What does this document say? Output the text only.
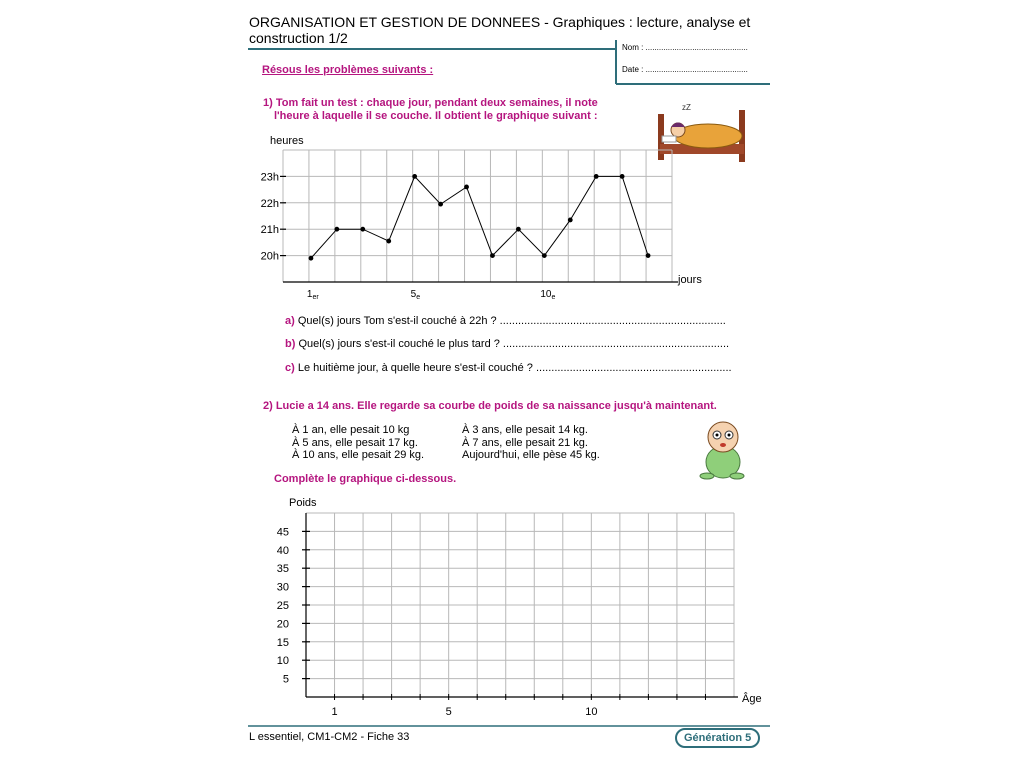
ORGANISATION ET GESTION DE DONNEES - Graphiques : lecture, analyse et construction 1/2
Nom : ..............................................
Date : ..............................................
Résous les problèmes suivants :
1) Tom fait un test : chaque jour, pendant deux semaines, il note
l'heure à laquelle il se couche. Il obtient le graphique suivant :
zZ
heures
jours
20h
21h
22h
23h
$1_{er}$	$5_e$	$10_e$
a) Quel(s) jours Tom s'est-il couché à 22h ? ..........................................................................
b) Quel(s) jours s'est-il couché le plus tard ? ..........................................................................
c) Le huitième jour, à quelle heure s'est-il couché ? ................................................................
2) Lucie a 14 ans. Elle regarde sa courbe de poids de sa naissance jusqu'à maintenant.
À 1 an, elle pesait 10 kg
À 5 ans, elle pesait 17 kg.
À 10 ans, elle pesait 29 kg.
À 3 ans, elle pesait 14 kg.
À 7 ans, elle pesait 21 kg.
Aujourd'hui, elle pèse 45 kg.
Complète le graphique ci-dessous.
Poids
Âge
5
10
15
20
25
30
35
40
45
1	5	10
L essentiel, CM1-CM2 - Fiche 33	Génération 5
